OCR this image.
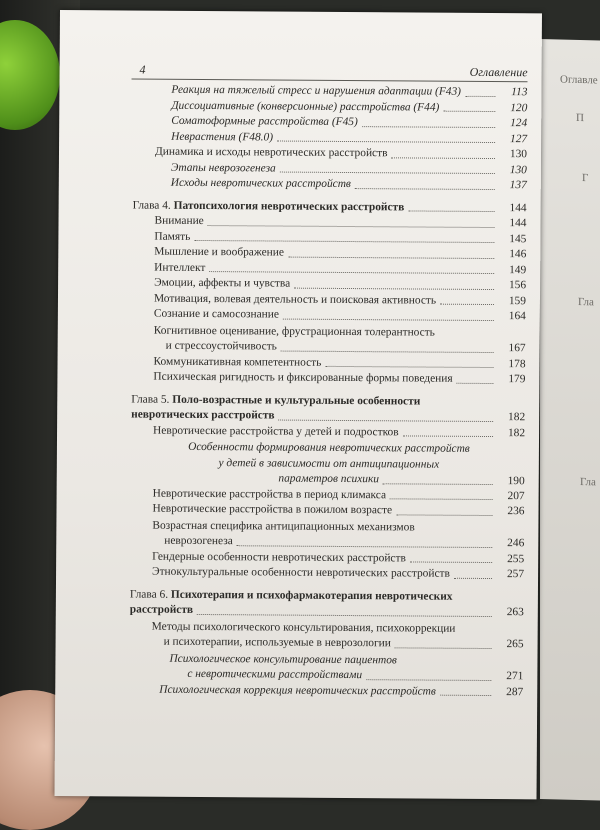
Оглавле
П
Г
Гла
Гла
4	Оглавление
Реакция на тяжелый стресс и нарушения адаптации (F43)	113
Диссоциативные (конверсионные) расстройства (F44)	120
Соматоформные расстройства (F45)	124
Неврастения (F48.0)	127
Динамика и исходы невротических расстройств	130
Этапы неврозогенеза	130
Исходы невротических расстройств	137
Глава 4. Патопсихология невротических расстройств	144
Внимание	144
Память	145
Мышление и воображение	146
Интеллект	149
Эмоции, аффекты и чувства	156
Мотивация, волевая деятельность и поисковая активность	159
Сознание и самосознание	164
Когнитивное оценивание, фрустрационная толерантность
и стрессоустойчивость	167
Коммуникативная компетентность	178
Психическая ригидность и фиксированные формы поведения	179
Глава 5. Поло-возрастные и культуральные особенности
невротических расстройств	182
Невротические расстройства у детей и подростков	182
Особенности формирования невротических расстройств
у детей в зависимости от антиципационных
параметров психики	190
Невротические расстройства в период климакса	207
Невротические расстройства в пожилом возрасте	236
Возрастная специфика антиципационных механизмов
неврозогенеза	246
Гендерные особенности невротических расстройств	255
Этнокультуральные особенности невротических расстройств	257
Глава 6. Психотерапия и психофармакотерапия невротических
расстройств	263
Методы психологического консультирования, психокоррекции
и психотерапии, используемые в неврозологии	265
Психологическое консультирование пациентов
с невротическими расстройствами	271
Психологическая коррекция невротических расстройств	287
